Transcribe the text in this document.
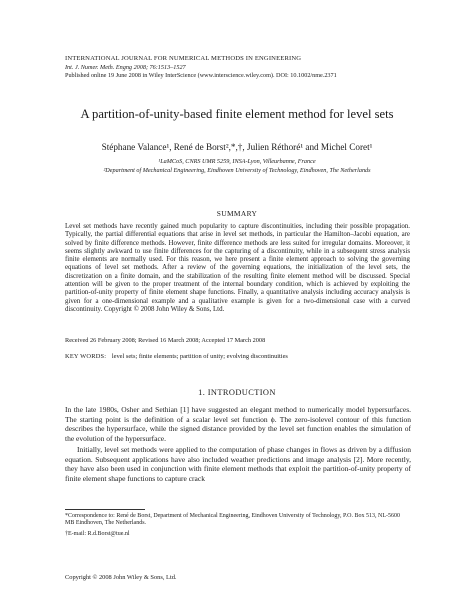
INTERNATIONAL JOURNAL FOR NUMERICAL METHODS IN ENGINEERING
Int. J. Numer. Meth. Engng 2008; 76:1513–1527
Published online 19 June 2008 in Wiley InterScience (www.interscience.wiley.com). DOI: 10.1002/nme.2371
A partition-of-unity-based finite element method for level sets
Stéphane Valance¹, René de Borst²,*,†, Julien Réthoré¹ and Michel Coret¹
¹LaMCoS, CNRS UMR 5259, INSA-Lyon, Villeurbanne, France
²Department of Mechanical Engineering, Eindhoven University of Technology, Eindhoven, The Netherlands
SUMMARY
Level set methods have recently gained much popularity to capture discontinuities, including their possible propagation. Typically, the partial differential equations that arise in level set methods, in particular the Hamilton–Jacobi equation, are solved by finite difference methods. However, finite difference methods are less suited for irregular domains. Moreover, it seems slightly awkward to use finite differences for the capturing of a discontinuity, while in a subsequent stress analysis finite elements are normally used. For this reason, we here present a finite element approach to solving the governing equations of level set methods. After a review of the governing equations, the initialization of the level sets, the discretization on a finite domain, and the stabilization of the resulting finite element method will be discussed. Special attention will be given to the proper treatment of the internal boundary condition, which is achieved by exploiting the partition-of-unity property of finite element shape functions. Finally, a quantitative analysis including accuracy analysis is given for a one-dimensional example and a qualitative example is given for a two-dimensional case with a curved discontinuity. Copyright © 2008 John Wiley & Sons, Ltd.
Received 26 February 2008; Revised 16 March 2008; Accepted 17 March 2008
KEY WORDS: level sets; finite elements; partition of unity; evolving discontinuities
1. INTRODUCTION

In the late 1980s, Osher and Sethian [1] have suggested an elegant method to numerically model hypersurfaces. The starting point is the definition of a scalar level set function ϕ. The zero-isolevel contour of this function describes the hypersurface, while the signed distance provided by the level set function enables the simulation of the evolution of the hypersurface.

Initially, level set methods were applied to the computation of phase changes in flows as driven by a diffusion equation. Subsequent applications have also included weather predictions and image analysis [2]. More recently, they have also been used in conjunction with finite element methods that exploit the partition-of-unity property of finite element shape functions to capture crack

*Correspondence to: René de Borst, Department of Mechanical Engineering, Eindhoven University of Technology, P.O. Box 513, NL-5600 MB Eindhoven, The Netherlands.
†E-mail: R.d.Borst@tue.nl
Copyright © 2008 John Wiley & Sons, Ltd.
